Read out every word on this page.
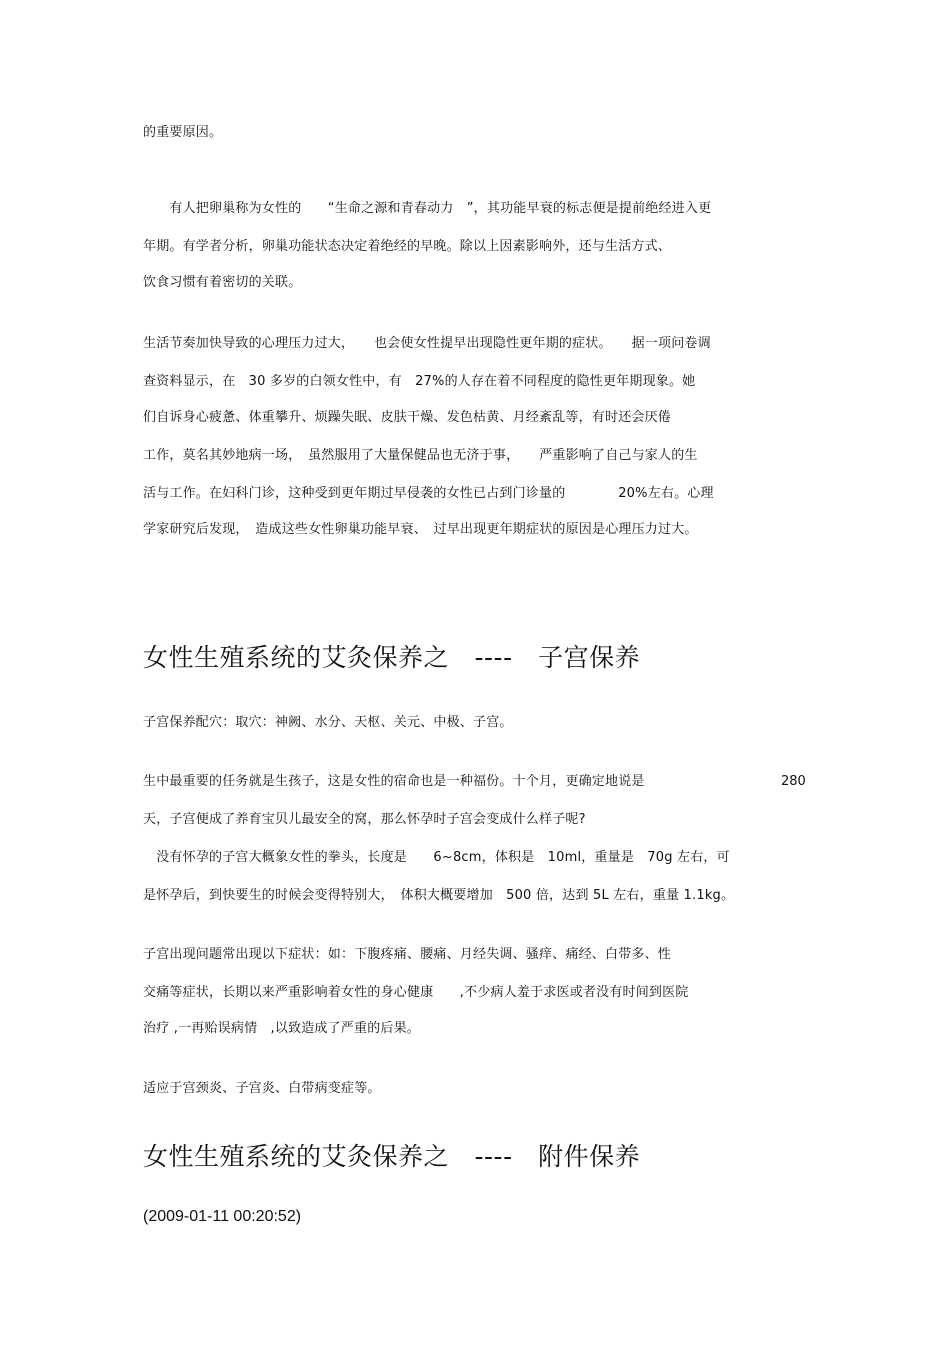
的重要原因。
　　有人把卵巢称为女性的　　“生命之源和青春动力　”，其功能早衰的标志便是提前绝经进入更
年期。有学者分析，卵巢功能状态决定着绝经的早晚。除以上因素影响外，还与生活方式、
饮食习惯有着密切的关联。
生活节奏加快导致的心理压力过大，　　也会使女性提早出现隐性更年期的症状。　　据一项问卷调
查资料显示，在　30 多岁的白领女性中，有　27%的人存在着不同程度的隐性更年期现象。她
们自诉身心疲惫、体重攀升、烦躁失眠、皮肤干燥、发色枯黄、月经紊乱等，有时还会厌倦
工作，莫名其妙地病一场，　虽然服用了大量保健品也无济于事，　　严重影响了自己与家人的生
活与工作。在妇科门诊，这种受到更年期过早侵袭的女性已占到门诊量的　　　　20%左右。心理
学家研究后发现，　造成这些女性卵巢功能早衰、　过早出现更年期症状的原因是心理压力过大。
女性生殖系统的艾灸保养之　----　子宫保养
子宫保养配穴：取穴：神阙、水分、天枢、关元、中极、子宫。
生中最重要的任务就是生孩子，这是女性的宿命也是一种福份。十个月，更确定地说是	280
天，子宫便成了养育宝贝儿最安全的窝，那么怀孕时子宫会变成什么样子呢?
　没有怀孕的子宫大概象女性的拳头，长度是　　6~8cm，体积是　10ml，重量是　70g 左右，可
是怀孕后，到快要生的时候会变得特别大，　体积大概要增加　500 倍，达到 5L 左右，重量 1.1kg。
子宫出现问题常出现以下症状：如：下腹疼痛、腰痛、月经失调、骚痒、痛经、白带多、性
交痛等症状，长期以来严重影响着女性的身心健康　　,不少病人羞于求医或者没有时间到医院
治疗 ,一再贻误病情　,以致造成了严重的后果。
适应于宫颈炎、子宫炎、白带病变症等。
女性生殖系统的艾灸保养之　----　附件保养
(2009-01-11 00:20:52)
